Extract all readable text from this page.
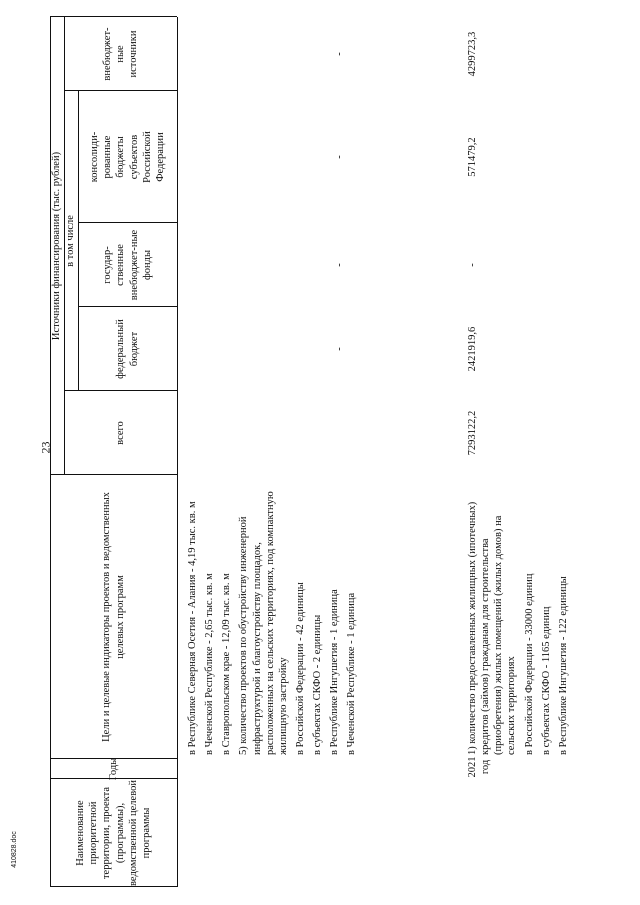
23
410828.doc	Наименование приоритетной территории, проекта (программы), ведомственной целевой программы
Годы
Цели и целевые индикаторы проектов и ведомственных целевых программ
Источники финансирования (тыс. рублей)
всего
в том числе
федеральный бюджет
государ-ственные внебюджет-ные фонды
консолиди-рованные бюджеты субъектов Российской Федерации
внебюджет-ные источники

в Республике Северная Осетия - Алания - 4,19 тыс. кв. м в Чеченской Республике - 2,65 тыс. кв. м в Ставропольском крае - 12,09 тыс. кв. м 5) количество проектов по обустройству инженерной инфраструктурой и благоустройству площадок, расположенных на сельских территориях, под компактную жилищную застройку в Российской Федерации - 42 единицы в субъектах СКФО - 2 единицы в Республике Ингушетия - 1 единица в Чеченской Республике - 1 единица

-
-
-
-
2021 год

1) количество предоставленных жилищных (ипотечных) кредитов (займов) гражданам для строительства (приобретения) жилых помещений (жилых домов) на сельских территориях в Российской Федерации - 33000 единиц в субъектах СКФО - 1165 единиц в Республике Ингушетия - 122 единицы

7293122,2
2421919,6
-
571479,2
4299723,3
